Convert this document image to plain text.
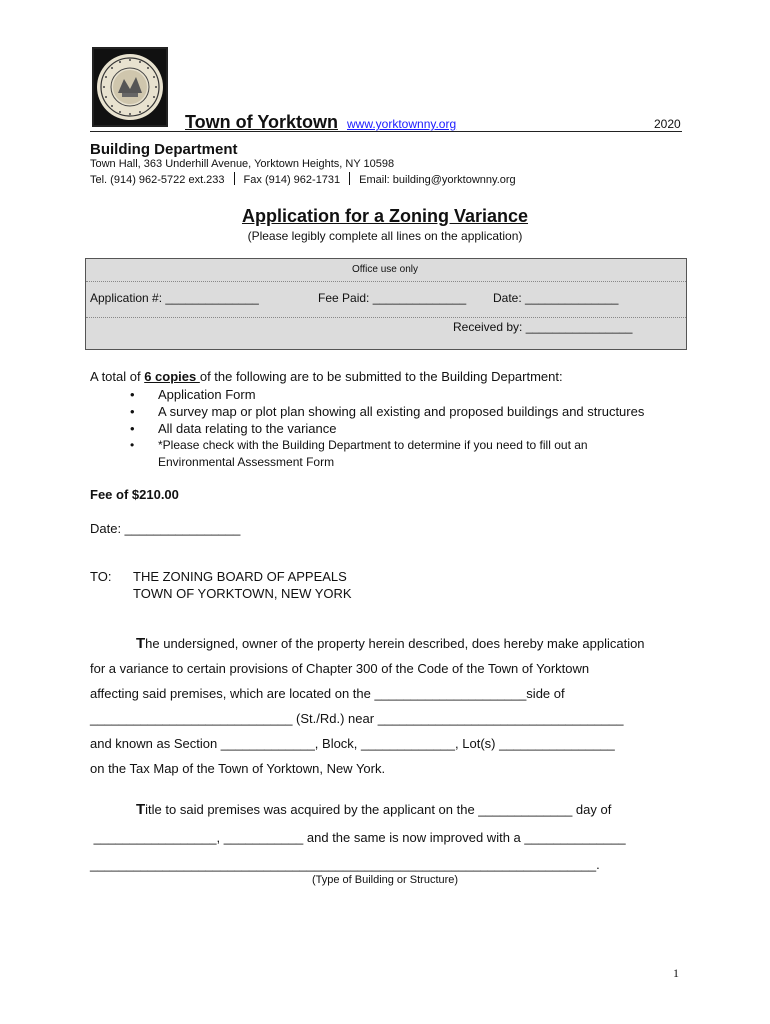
Town of Yorktown www.yorktownny.org	2020
Building Department
Town Hall, 363 Underhill Avenue, Yorktown Heights, NY 10598
Tel. (914) 962-5722 ext.233 Fax (914) 962-1731 Email: building@yorktownny.org
Application for a Zoning Variance
(Please legibly complete all lines on the application)
Office use only
Application #: ______________	Fee Paid: ______________ Date: ______________
Received by: ________________
A total of 6 copies of the following are to be submitted to the Building Department:
• Application Form
• A survey map or plot plan showing all existing and proposed buildings and structures
• All data relating to the variance
• *Please check with the Building Department to determine if you need to fill out an Environmental Assessment Form
Fee of $210.00
Date: ________________
TO: THE ZONING BOARD OF APPEALS
TOWN OF YORKTOWN, NEW YORK
The undersigned, owner of the property herein described, does hereby make application
for a variance to certain provisions of Chapter 300 of the Code of the Town of Yorktown
affecting said premises, which are located on the _____________________side of
____________________________ (St./Rd.) near __________________________________
and known as Section _____________, Block, _____________, Lot(s) ________________
on the Tax Map of the Town of Yorktown, New York.
Title to said premises was acquired by the applicant on the _____________ day of
_________________, ___________ and the same is now improved with a ______________
______________________________________________________________________.
(Type of Building or Structure)
1
